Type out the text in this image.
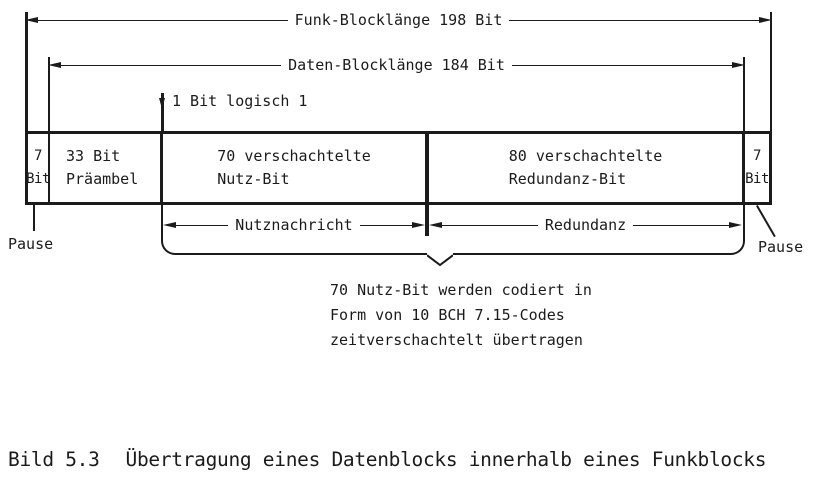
Funk-Blocklänge 198 Bit
Daten-Blocklänge 184 Bit
1 Bit logisch 1
7
Bit
33 Bit
Präambel
70 verschachtelte
Nutz-Bit
80 verschachtelte
Redundanz-Bit
7
Bit
Nutznachricht	Redundanz
Pause	Pause
70 Nutz-Bit werden codiert in
Form von 10 BCH 7.15-Codes
zeitverschachtelt übertragen
Bild 5.3 Übertragung eines Datenblocks innerhalb eines Funkblocks
